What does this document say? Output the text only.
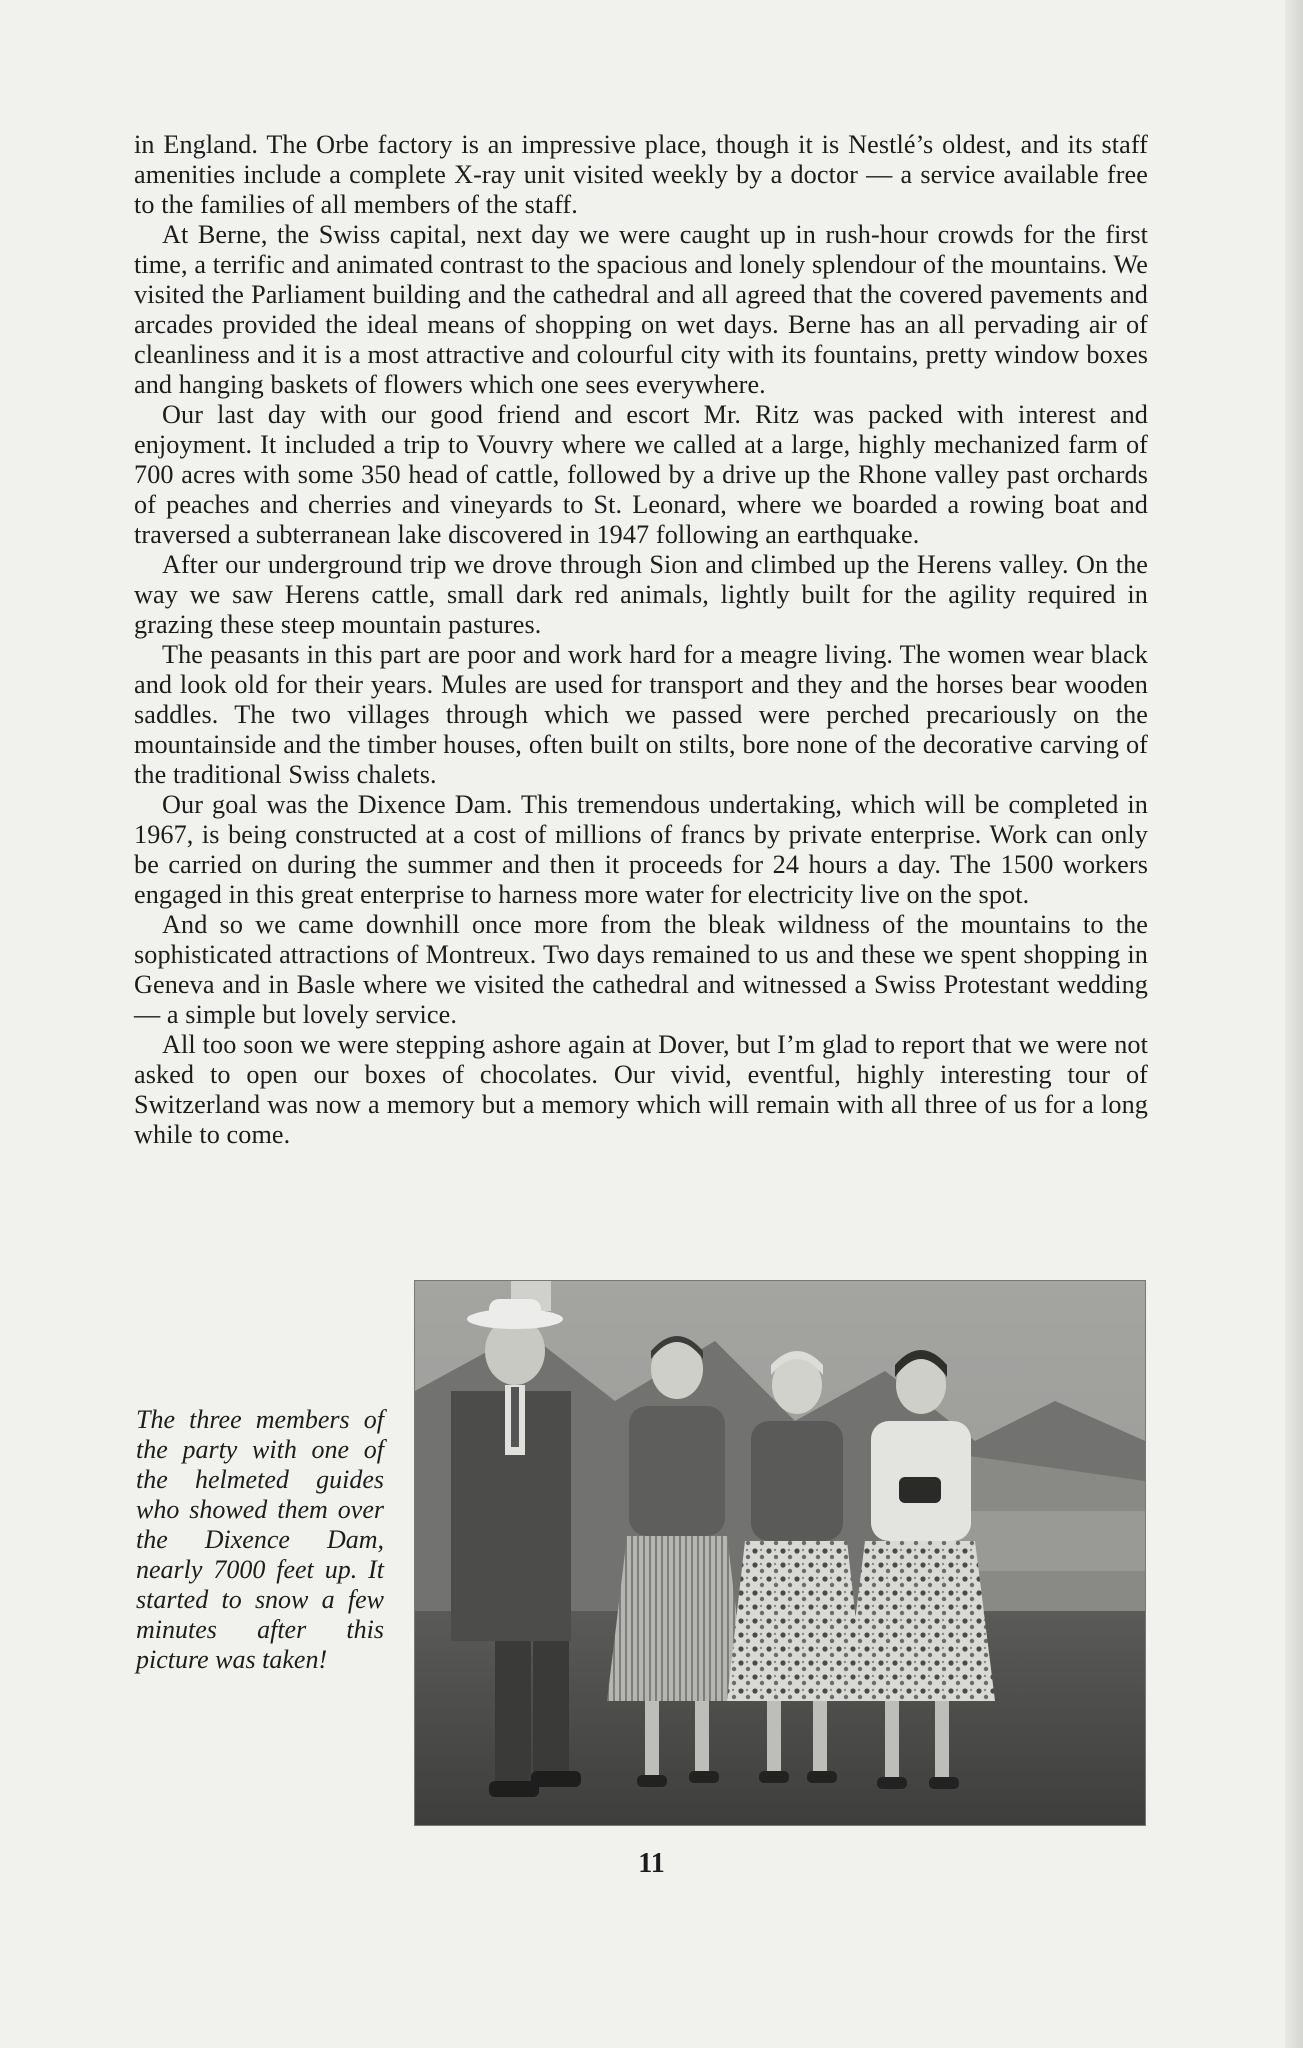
in England. The Orbe factory is an impressive place, though it is Nestlé’s oldest, and its staff amenities include a complete X-ray unit visited weekly by a doctor — a service available free to the families of all members of the staff.

At Berne, the Swiss capital, next day we were caught up in rush-hour crowds for the first time, a terrific and animated contrast to the spacious and lonely splendour of the mountains. We visited the Parliament building and the cathedral and all agreed that the covered pavements and arcades provided the ideal means of shopping on wet days. Berne has an all pervading air of cleanliness and it is a most attractive and colourful city with its fountains, pretty window boxes and hanging baskets of flowers which one sees everywhere.

Our last day with our good friend and escort Mr. Ritz was packed with interest and enjoyment. It included a trip to Vouvry where we called at a large, highly mechanized farm of 700 acres with some 350 head of cattle, followed by a drive up the Rhone valley past orchards of peaches and cherries and vineyards to St. Leonard, where we boarded a rowing boat and traversed a subterranean lake discovered in 1947 following an earthquake.

After our underground trip we drove through Sion and climbed up the Herens valley. On the way we saw Herens cattle, small dark red animals, lightly built for the agility required in grazing these steep mountain pastures.

The peasants in this part are poor and work hard for a meagre living. The women wear black and look old for their years. Mules are used for transport and they and the horses bear wooden saddles. The two villages through which we passed were perched precariously on the mountainside and the timber houses, often built on stilts, bore none of the decorative carving of the traditional Swiss chalets.

Our goal was the Dixence Dam. This tremendous undertaking, which will be completed in 1967, is being constructed at a cost of millions of francs by private enterprise. Work can only be carried on during the summer and then it proceeds for 24 hours a day. The 1500 workers engaged in this great enterprise to harness more water for electricity live on the spot.

And so we came downhill once more from the bleak wildness of the mountains to the sophisticated attractions of Montreux. Two days remained to us and these we spent shopping in Geneva and in Basle where we visited the cathedral and witnessed a Swiss Protestant wedding — a simple but lovely service.

All too soon we were stepping ashore again at Dover, but I’m glad to report that we were not asked to open our boxes of chocolates. Our vivid, eventful, highly interesting tour of Switzerland was now a memory but a memory which will remain with all three of us for a long while to come.

The three members of the party with one of the helmeted guides who showed them over the Dixence Dam, nearly 7000 feet up. It started to snow a few minutes after this picture was taken!
11
